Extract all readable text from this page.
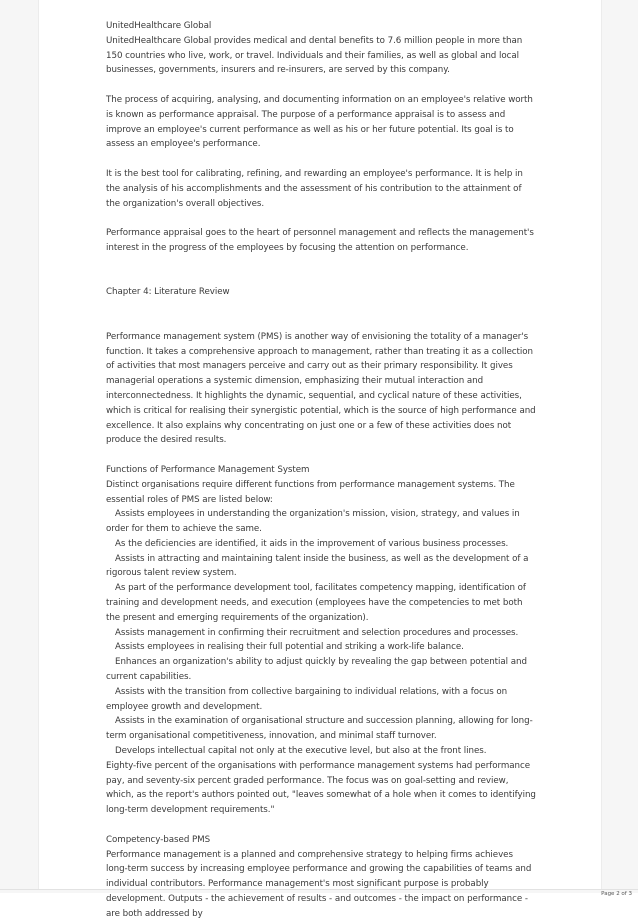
UnitedHealthcare Global

UnitedHealthcare Global provides medical and dental benefits to 7.6 million people in more than 150 countries who live, work, or travel. Individuals and their families, as well as global and local businesses, governments, insurers and re-insurers, are served by this company.

The process of acquiring, analysing, and documenting information on an employee's relative worth is known as performance appraisal. The purpose of a performance appraisal is to assess and improve an employee's current performance as well as his or her future potential. Its goal is to assess an employee's performance.

It is the best tool for calibrating, refining, and rewarding an employee's performance. It is help in the analysis of his accomplishments and the assessment of his contribution to the attainment of the organization's overall objectives.

Performance appraisal goes to the heart of personnel management and reflects the management's interest in the progress of the employees by focusing the attention on performance.

Chapter 4: Literature Review

Performance management system (PMS) is another way of envisioning the totality of a manager's function. It takes a comprehensive approach to management, rather than treating it as a collection of activities that most managers perceive and carry out as their primary responsibility. It gives managerial operations a systemic dimension, emphasizing their mutual interaction and interconnectedness. It highlights the dynamic, sequential, and cyclical nature of these activities, which is critical for realising their synergistic potential, which is the source of high performance and excellence. It also explains why concentrating on just one or a few of these activities does not produce the desired results.

Functions of Performance Management System

Distinct organisations require different functions from performance management systems. The essential roles of PMS are listed below:

Assists employees in understanding the organization's mission, vision, strategy, and values in order for them to achieve the same.

As the deficiencies are identified, it aids in the improvement of various business processes.

Assists in attracting and maintaining talent inside the business, as well as the development of a rigorous talent review system.

As part of the performance development tool, facilitates competency mapping, identification of training and development needs, and execution (employees have the competencies to met both the present and emerging requirements of the organization).

Assists management in confirming their recruitment and selection procedures and processes.

Assists employees in realising their full potential and striking a work-life balance.

Enhances an organization's ability to adjust quickly by revealing the gap between potential and current capabilities.

Assists with the transition from collective bargaining to individual relations, with a focus on employee growth and development.

Assists in the examination of organisational structure and succession planning, allowing for long-term organisational competitiveness, innovation, and minimal staff turnover.

Develops intellectual capital not only at the executive level, but also at the front lines.

Eighty-five percent of the organisations with performance management systems had performance pay, and seventy-six percent graded performance. The focus was on goal-setting and review, which, as the report's authors pointed out, "leaves somewhat of a hole when it comes to identifying long-term development requirements."

Competency-based PMS

Performance management is a planned and comprehensive strategy to helping firms achieves long-term success by increasing employee performance and growing the capabilities of teams and individual contributors. Performance management's most significant purpose is probably development. Outputs - the achievement of results - and outcomes - the impact on performance - are both addressed by

Page 2 of 3
